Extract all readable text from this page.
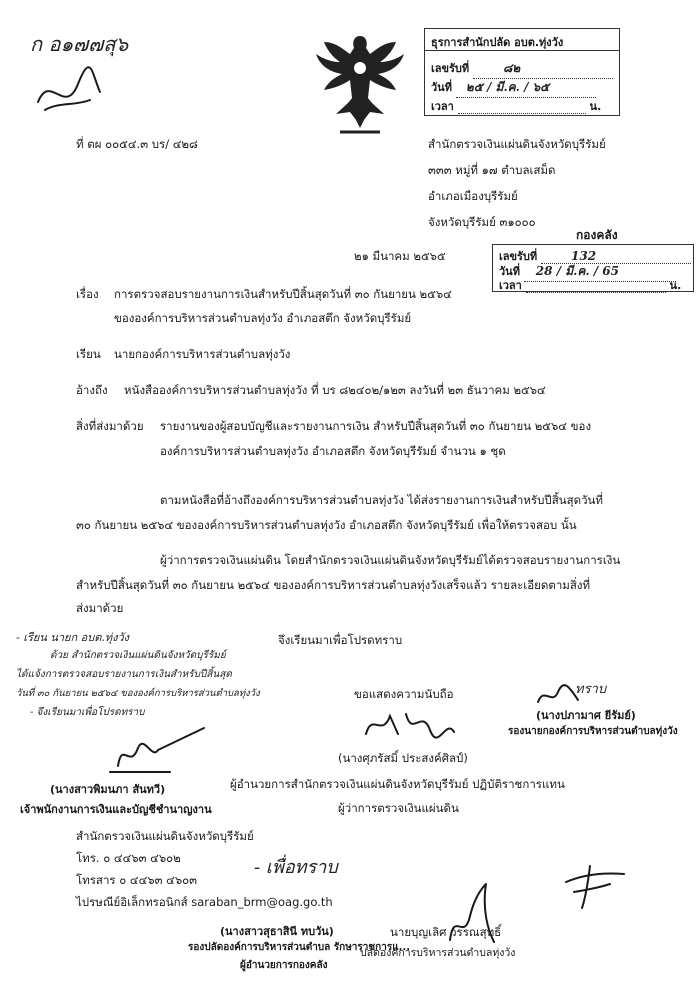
ก อ๑๗๗สุ๖	ธุรการสำนักปลัด อบต.ทุ่งวัง
เลขรับที่	๘๒
วันที่ ๒๕ / มี.ค. / ๖๕
เวลา	น.
ที่ ตผ ๐๐๕๔.๓ บร/ ๔๒๘	สำนักตรวจเงินแผ่นดินจังหวัดบุรีรัมย์
๓๓๓ หมู่ที่ ๑๗ ตำบลเสม็ด
อำเภอเมืองบุรีรัมย์
จังหวัดบุรีรัมย์ ๓๑๐๐๐
กองคลัง
เลขรับที่	132
วันที่ 28 / มี.ค. / 65
เวลา	น.
๒๑ มีนาคม ๒๕๖๕
เรื่อง การตรวจสอบรายงานการเงินสำหรับปีสิ้นสุดวันที่ ๓๐ กันยายน ๒๕๖๔
ขององค์การบริหารส่วนตำบลทุ่งวัง อำเภอสตึก จังหวัดบุรีรัมย์
เรียน นายกองค์การบริหารส่วนตำบลทุ่งวัง
อ้างถึง หนังสือองค์การบริหารส่วนตำบลทุ่งวัง ที่ บร ๘๒๔๐๒/๑๒๓ ลงวันที่ ๒๓ ธันวาคม ๒๕๖๔
สิ่งที่ส่งมาด้วย รายงานของผู้สอบบัญชีและรายงานการเงิน สำหรับปีสิ้นสุดวันที่ ๓๐ กันยายน ๒๕๖๔ ของ
องค์การบริหารส่วนตำบลทุ่งวัง อำเภอสตึก จังหวัดบุรีรัมย์ จำนวน ๑ ชุด
ตามหนังสือที่อ้างถึงองค์การบริหารส่วนตำบลทุ่งวัง ได้ส่งรายงานการเงินสำหรับปีสิ้นสุดวันที่
๓๐ กันยายน ๒๕๖๔ ขององค์การบริหารส่วนตำบลทุ่งวัง อำเภอสตึก จังหวัดบุรีรัมย์ เพื่อให้ตรวจสอบ นั้น
ผู้ว่าการตรวจเงินแผ่นดิน โดยสำนักตรวจเงินแผ่นดินจังหวัดบุรีรัมย์ได้ตรวจสอบรายงานการเงิน
สำหรับปีสิ้นสุดวันที่ ๓๐ กันยายน ๒๕๖๔ ขององค์การบริหารส่วนตำบลทุ่งวังเสร็จแล้ว รายละเอียดตามสิ่งที่
ส่งมาด้วย
จึงเรียนมาเพื่อโปรดทราบ
- เรียน นายก อบต.ทุ่งวัง
ด้วย สำนักตรวจเงินแผ่นดินจังหวัดบุรีรัมย์
ได้แจ้งการตรวจสอบรายงานการเงินสำหรับปีสิ้นสุด
วันที่ ๓๐ กันยายน ๒๕๖๔ ขององค์การบริหารส่วนตำบลทุ่งวัง
- จึงเรียนมาเพื่อโปรดทราบ
ขอแสดงความนับถือ	ทราบ
(นางปภามาศ ยีรัมย์)
รองนายกองค์การบริหารส่วนตำบลทุ่งวัง
(นางศุภรัสมิ์ ประสงค์ศิลป์)
ผู้อำนวยการสำนักตรวจเงินแผ่นดินจังหวัดบุรีรัมย์ ปฏิบัติราชการแทน
ผู้ว่าการตรวจเงินแผ่นดิน
(นางสาวพิมนภา สันทวี)
เจ้าพนักงานการเงินและบัญชีชำนาญงาน
สำนักตรวจเงินแผ่นดินจังหวัดบุรีรัมย์
โทร. ๐ ๔๔๖๓ ๔๖๐๒
โทรสาร ๐ ๔๔๖๓ ๔๖๐๓
ไปรษณีย์อิเล็กทรอนิกส์ saraban_brm@oag.go.th
- เพื่อทราบ
(นางสาวสุธาสินี ทบวัน)
รองปลัดองค์การบริหารส่วนตำบล รักษาราชการแ...
ผู้อำนวยการกองคลัง
นายบุญเลิศ วรรณสุทธิ์
ปลัดองค์การบริหารส่วนตำบลทุ่งวัง
